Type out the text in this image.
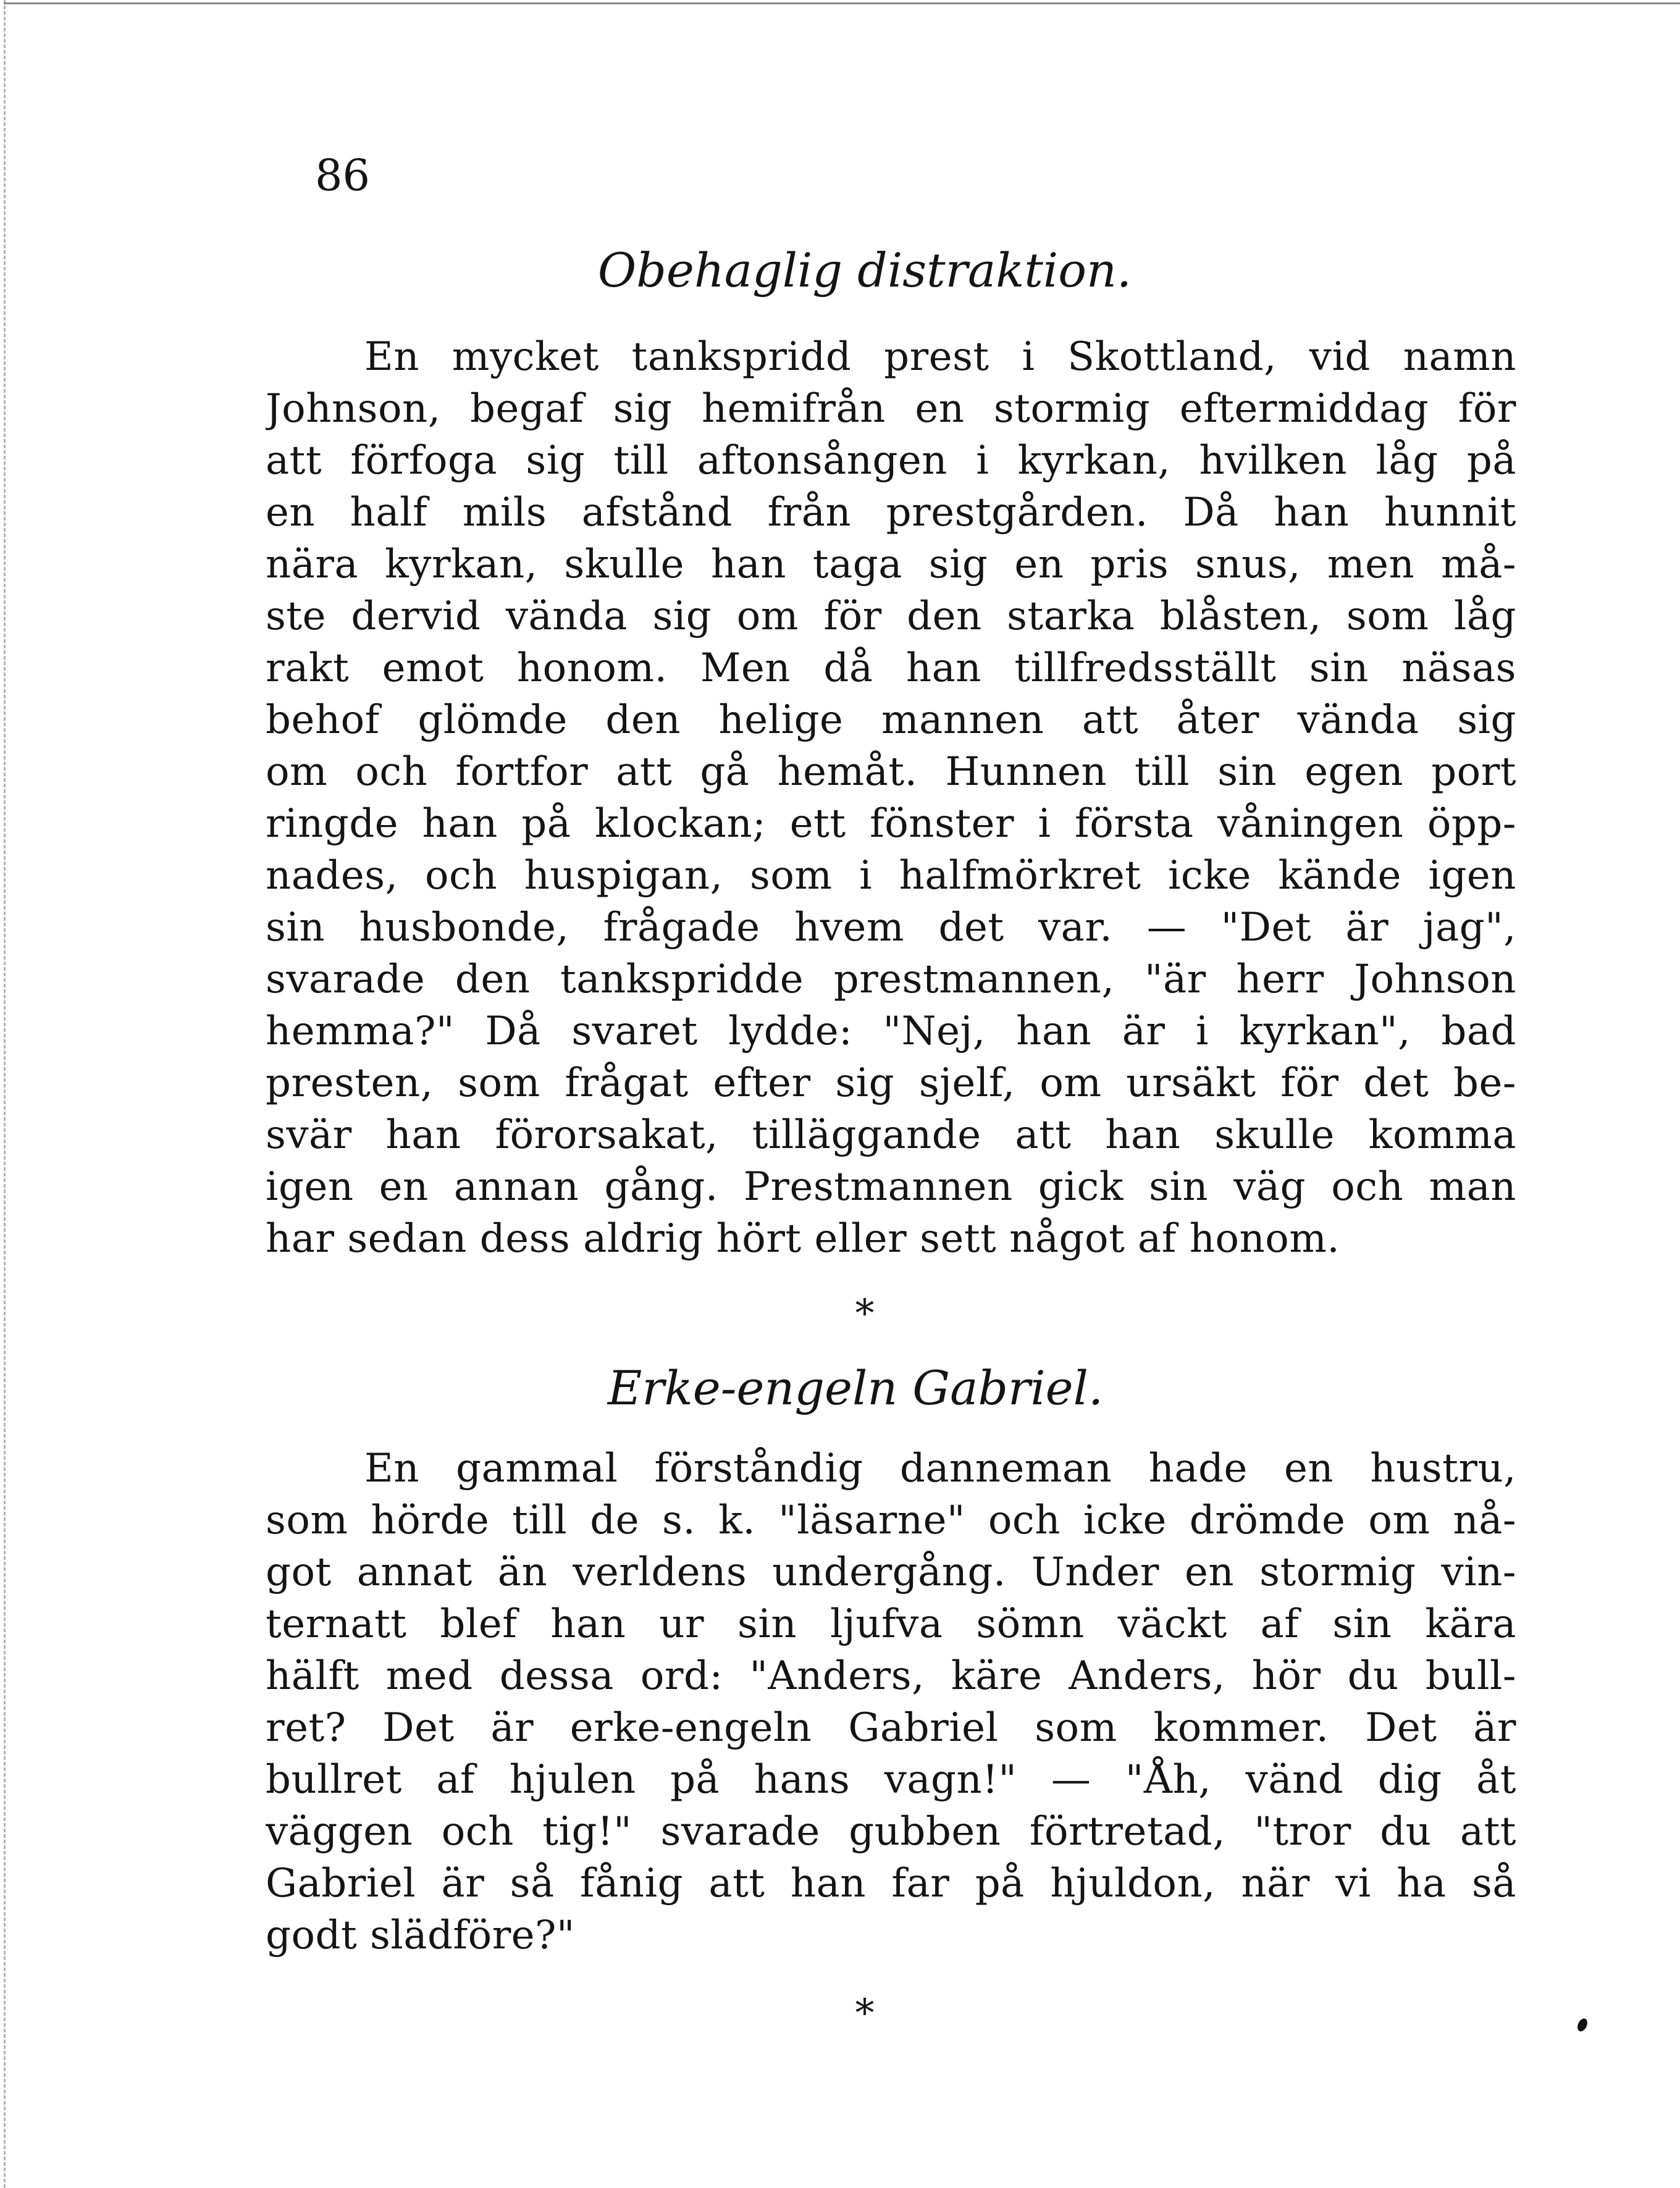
86
Obehaglig distraktion.
En mycket tankspridd prest i Skottland, vid namn
Johnson, begaf sig hemifrån en stormig eftermiddag för
att förfoga sig till aftonsången i kyrkan, hvilken låg på
en half mils afstånd från prestgården. Då han hunnit
nära kyrkan, skulle han taga sig en pris snus, men må-
ste dervid vända sig om för den starka blåsten, som låg
rakt emot honom. Men då han tillfredsställt sin näsas
behof glömde den helige mannen att åter vända sig
om och fortfor att gå hemåt. Hunnen till sin egen port
ringde han på klockan; ett fönster i första våningen öpp-
nades, och huspigan, som i halfmörkret icke kände igen
sin husbonde, frågade hvem det var. — "Det är jag",
svarade den tankspridde prestmannen, "är herr Johnson
hemma?" Då svaret lydde: "Nej, han är i kyrkan", bad
presten, som frågat efter sig sjelf, om ursäkt för det be-
svär han förorsakat, tilläggande att han skulle komma
igen en annan gång. Prestmannen gick sin väg och man
har sedan dess aldrig hört eller sett något af honom.
*
Erke-engeln Gabriel.
En gammal förståndig danneman hade en hustru,
som hörde till de s. k. "läsarne" och icke drömde om nå-
got annat än verldens undergång. Under en stormig vin-
ternatt blef han ur sin ljufva sömn väckt af sin kära
hälft med dessa ord: "Anders, käre Anders, hör du bull-
ret? Det är erke-engeln Gabriel som kommer. Det är
bullret af hjulen på hans vagn!" — "Åh, vänd dig åt
väggen och tig!" svarade gubben förtretad, "tror du att
Gabriel är så fånig att han far på hjuldon, när vi ha så
godt slädföre?"
*
